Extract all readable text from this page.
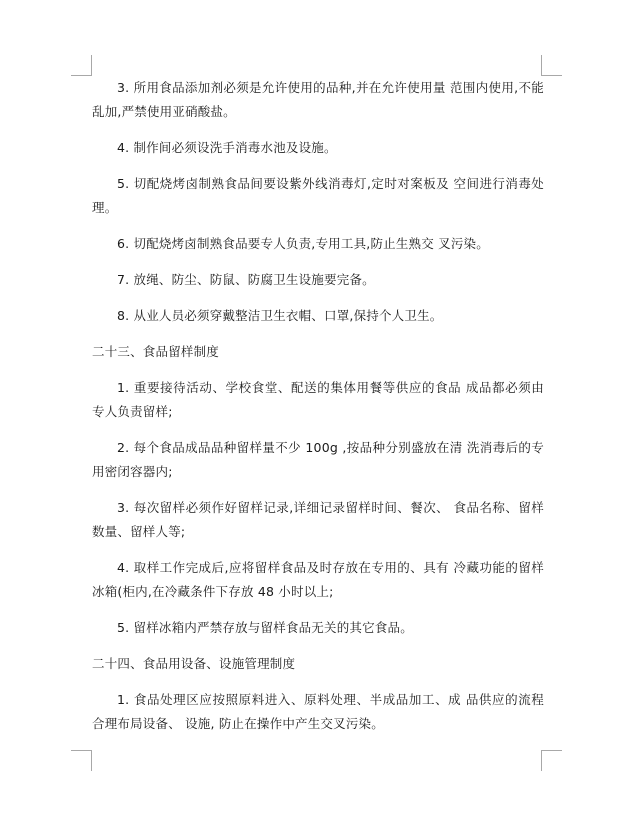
3. 所用食品添加剂必须是允许使用的品种,并在允许使用量 范围内使用,不能乱加,严禁使用亚硝酸盐。

4. 制作间必须设洗手消毒水池及设施。

5. 切配烧烤卤制熟食品间要设紫外线消毒灯,定时对案板及 空间进行消毒处理。

6. 切配烧烤卤制熟食品要专人负责,专用工具,防止生熟交 叉污染。

7. 放绳、防尘、防鼠、防腐卫生设施要完备。

8. 从业人员必须穿戴整洁卫生衣帽、口罩,保持个人卫生。

二十三、食品留样制度

1. 重要接待活动、学校食堂、配送的集体用餐等供应的食品 成品都必须由专人负责留样;

2. 每个食品成品品种留样量不少 100g ,按品种分别盛放在清 洗消毒后的专用密闭容器内;

3. 每次留样必须作好留样记录,详细记录留样时间、餐次、 食品名称、留样数量、留样人等;

4. 取样工作完成后,应将留样食品及时存放在专用的、具有 冷藏功能的留样冰箱(柜内,在冷藏条件下存放 48 小时以上;

5. 留样冰箱内严禁存放与留样食品无关的其它食品。

二十四、食品用设备、设施管理制度

1. 食品处理区应按照原料进入、原料处理、半成品加工、成 品供应的流程合理布局设备、 设施, 防止在操作中产生交叉污染。
